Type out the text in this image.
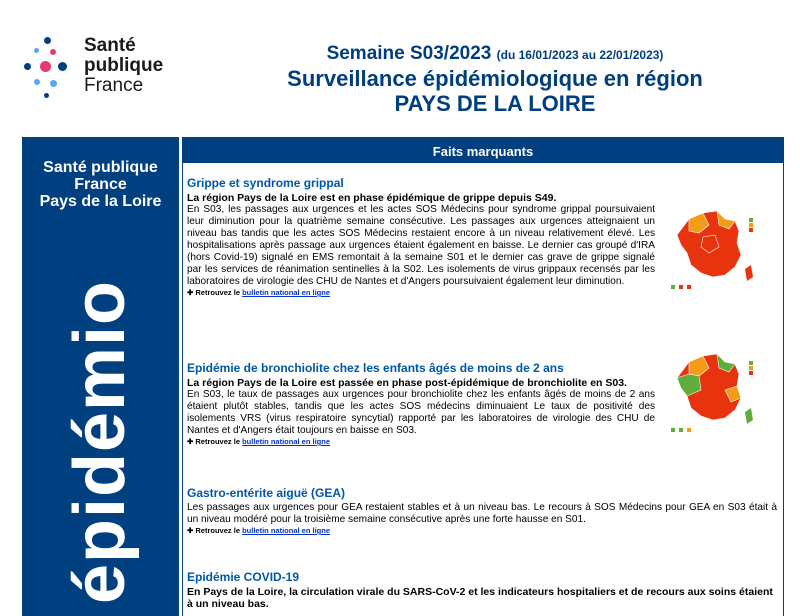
Santé
publique
France
Semaine S03/2023 (du 16/01/2023 au 22/01/2023)
Surveillance épidémiologique en région
PAYS DE LA LOIRE
Santé publique
France
Pays de la Loire
épidémio
Faits marquants
Grippe et syndrome grippal
La région Pays de la Loire est en phase épidémique de grippe depuis S49.
En S03, les passages aux urgences et les actes SOS Médecins pour syndrome grippal poursuivaient leur diminution pour la quatrième semaine consécutive. Les passages aux urgences atteignaient un niveau bas tandis que les actes SOS Médecins restaient encore à un niveau relativement élevé. Les hospitalisations après passage aux urgences étaient également en baisse. Le dernier cas groupé d'IRA (hors Covid-19) signalé en EMS remontait à la semaine S01 et le dernier cas grave de grippe signalé par les services de réanimation sentinelles à la S02. Les isolements de virus grippaux recensés par les laboratoires de virologie des CHU de Nantes et d'Angers poursuivaient également leur diminution.
✚ Retrouvez le bulletin national en ligne
Epidémie de bronchiolite chez les enfants âgés de moins de 2 ans
La région Pays de la Loire est passée en phase post-épidémique de bronchiolite en S03.
En S03, le taux de passages aux urgences pour bronchiolite chez les enfants âgés de moins de 2 ans étaient plutôt stables, tandis que les actes SOS médecins diminuaient Le taux de positivité des isolements VRS (virus respiratoire syncytial) rapporté par les laboratoires de virologie des CHU de Nantes et d'Angers était toujours en baisse en S03.
✚ Retrouvez le bulletin national en ligne
Gastro-entérite aiguë (GEA)
Les passages aux urgences pour GEA restaient stables et à un niveau bas. Le recours à SOS Médecins pour GEA en S03 était à un niveau modéré pour la troisième semaine consécutive après une forte hausse en S01.
✚ Retrouvez le bulletin national en ligne
Epidémie COVID-19
En Pays de la Loire, la circulation virale du SARS-CoV-2 et les indicateurs hospitaliers et de recours aux soins étaient à un niveau bas.
